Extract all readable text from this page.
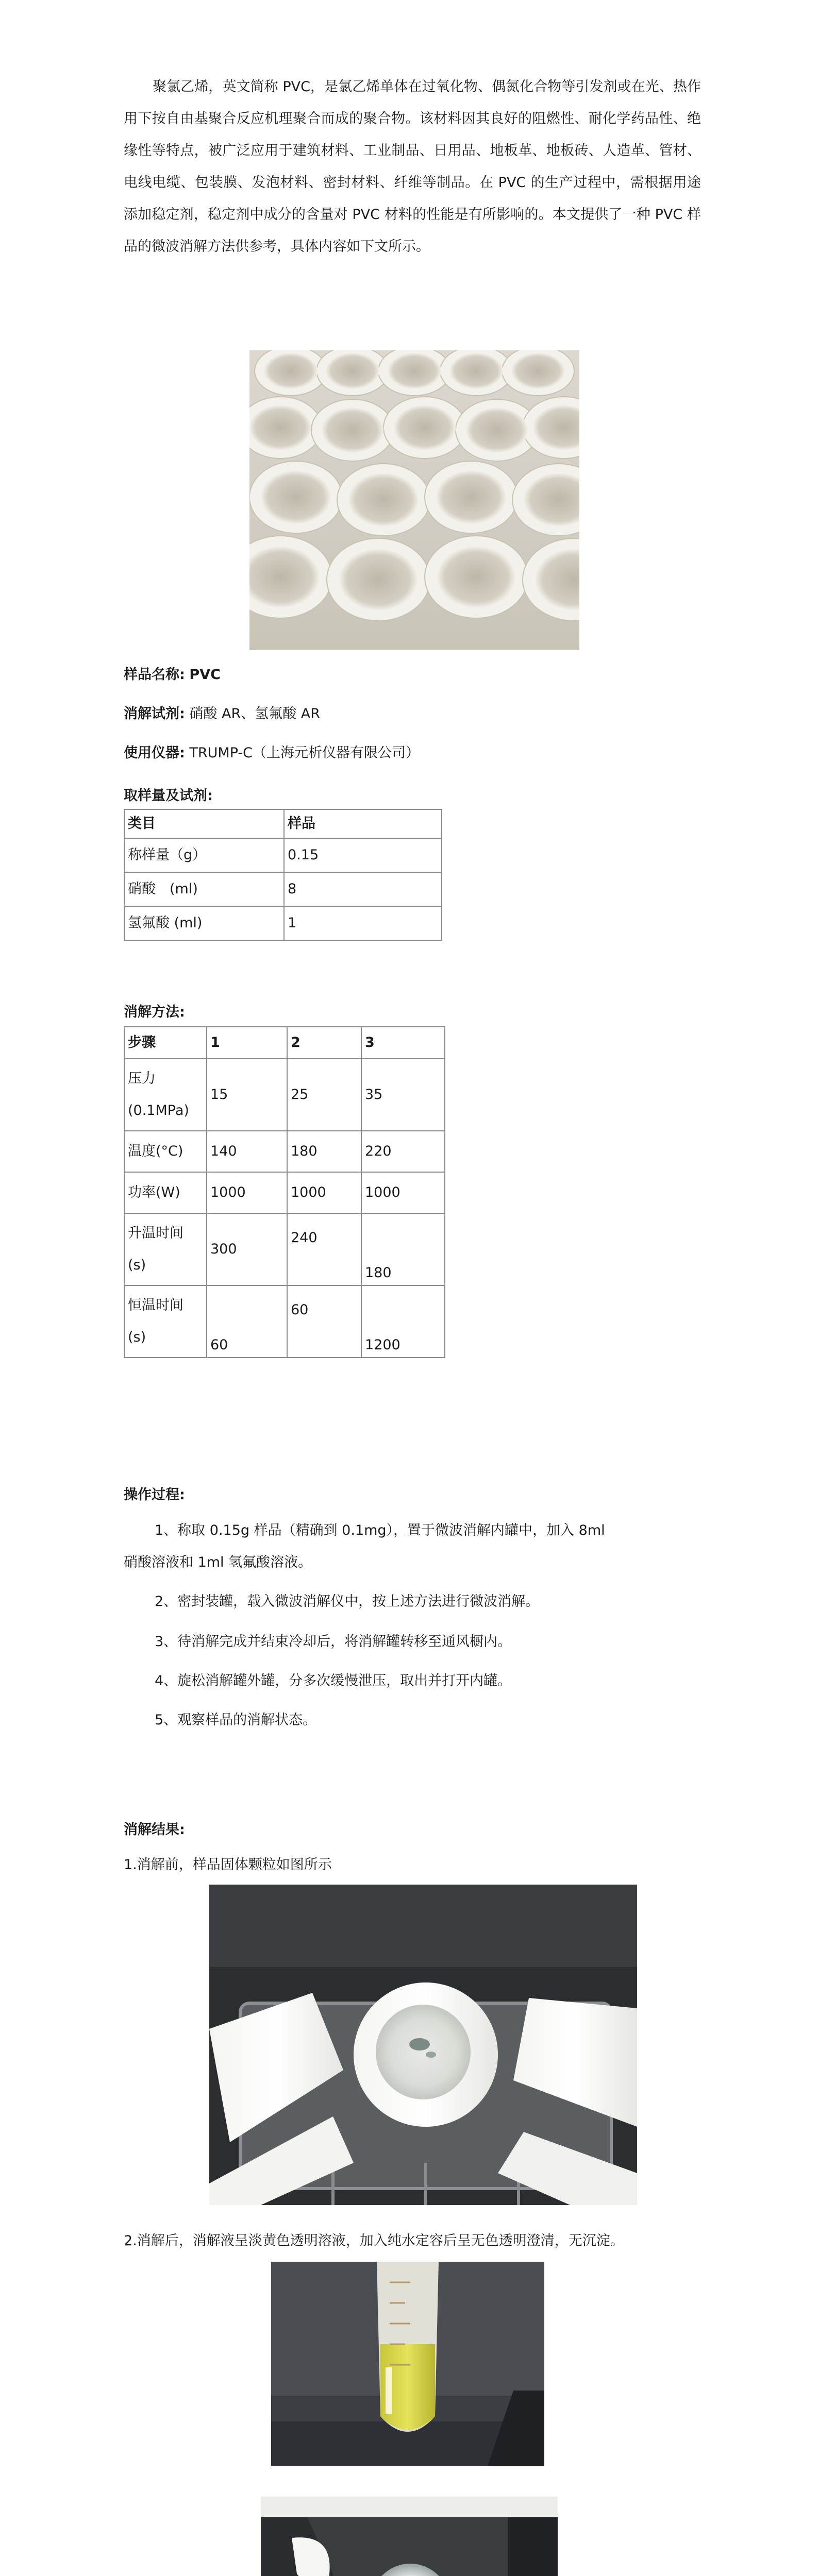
聚氯乙烯，英文简称 PVC，是氯乙烯单体在过氧化物、偶氮化合物等引发剂或在光、热作用下按自由基聚合反应机理聚合而成的聚合物。该材料因其良好的阻燃性、耐化学药品性、绝缘性等特点，被广泛应用于建筑材料、工业制品、日用品、地板革、地板砖、人造革、管材、电线电缆、包装膜、发泡材料、密封材料、纤维等制品。在 PVC 的生产过程中，需根据用途添加稳定剂，稳定剂中成分的含量对 PVC 材料的性能是有所影响的。本文提供了一种 PVC 样品的微波消解方法供参考，具体内容如下文所示。

样品名称: PVC
消解试剂: 硝酸 AR、氢氟酸 AR
使用仪器: TRUMP-C（上海元析仪器有限公司）
取样量及试剂:
类目	样品
称样量（g）	0.15
硝酸　(ml)	8
氢氟酸 (ml)	1
消解方法:
步骤	1	2	3

压力
(0.1MPa)	15	25	35
温度(°C)	140	180	220
功率(W)	1000	1000	1000

升温时间
(s)	300	240	180

恒温时间
(s)	60	60	1200
操作过程:
1、称取 0.15g 样品（精确到 0.1mg），置于微波消解内罐中，加入 8ml
硝酸溶液和 1ml 氢氟酸溶液。
2、密封装罐，载入微波消解仪中，按上述方法进行微波消解。
3、待消解完成并结束冷却后，将消解罐转移至通风橱内。
4、旋松消解罐外罐，分多次缓慢泄压，取出并打开内罐。
5、观察样品的消解状态。
消解结果:
1.消解前，样品固体颗粒如图所示
2.消解后，消解液呈淡黄色透明溶液，加入纯水定容后呈无色透明澄清，无沉淀。
